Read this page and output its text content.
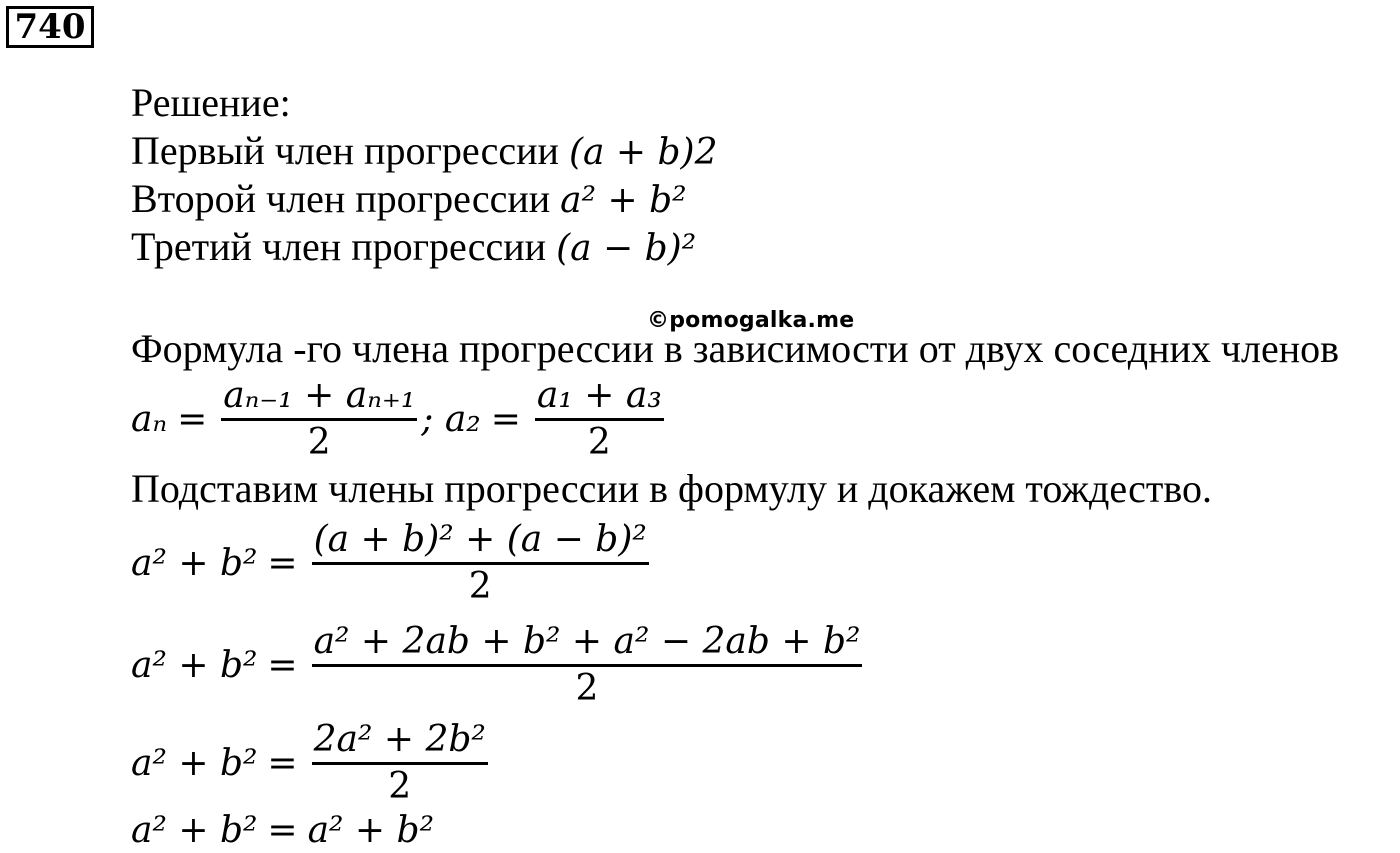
740
Решение:
Первый член прогрессии (a + b)2
Второй член прогрессии a² + b²
Третий член прогрессии (a − b)²
©pomogalka.me
Формула -го члена прогрессии в зависимости от двух соседних членов
$a_n = \frac{\text{aₙ₋₁ + aₙ₊₁}}{2}$ ; $a_2 = \frac{\text{a₁ + a₃}}{2}$
Подставим члены прогрессии в формулу и докажем тождество.
$a^2 + b^2 = \frac{\text{(a + b)² + (a − b)²}}{2}$
$a^2 + b^2 = \frac{\text{a² + 2ab + b² + a² − 2ab + b²}}{2}$
$a^2 + b^2 = \frac{\text{2a² + 2b²}}{2}$
a² + b² = a² + b²
